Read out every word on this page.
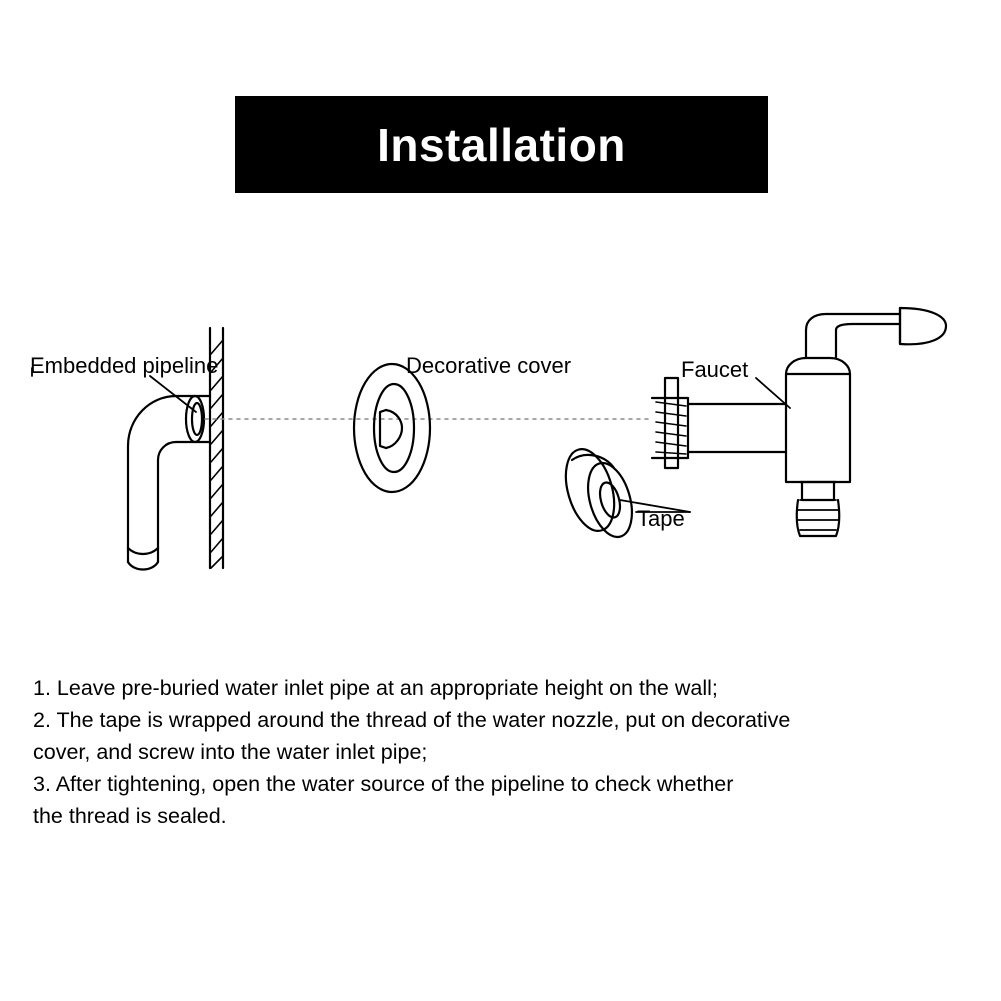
Installation
Embedded pipeline	Decorative cover	Faucet
Tape
1. Leave pre-buried water inlet pipe at an appropriate height on the wall;
2. The tape is wrapped around the thread of the water nozzle, put on decorative
cover, and screw into the water inlet pipe;
3. After tightening, open the water source of the pipeline to check whether
the thread is sealed.
